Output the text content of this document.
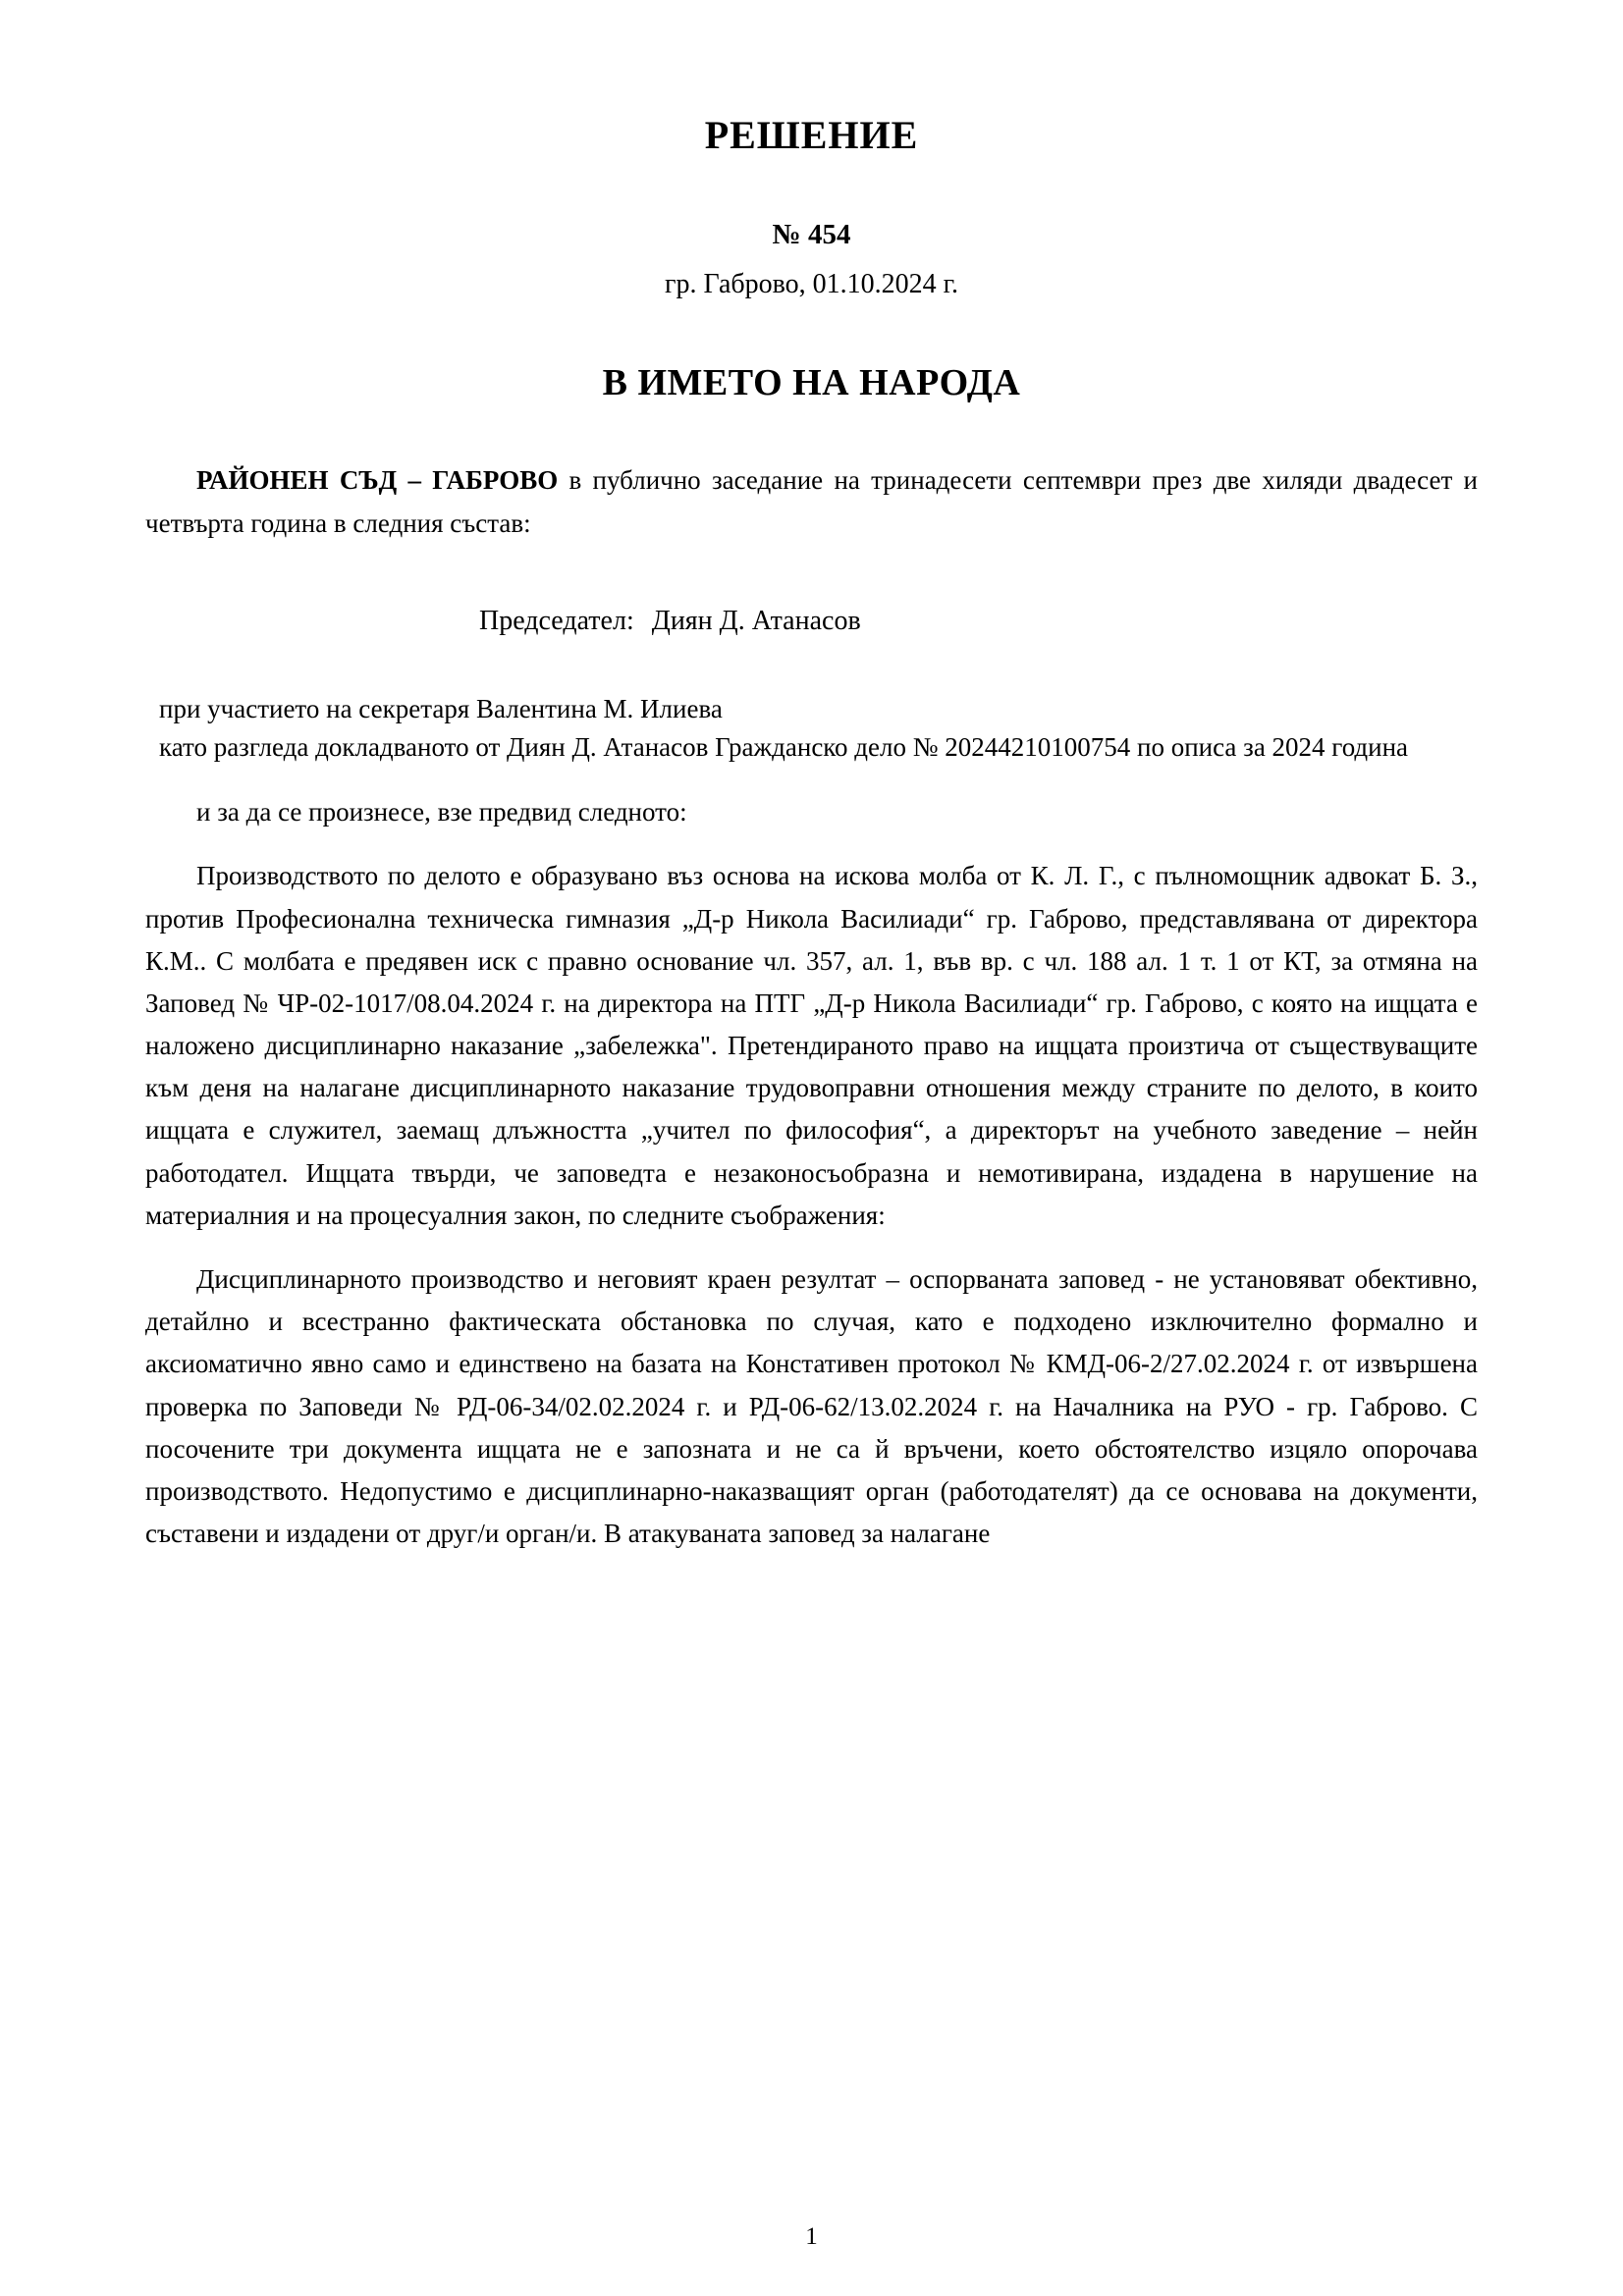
РЕШЕНИЕ
№ 454
гр. Габрово, 01.10.2024 г.
В ИМЕТО НА НАРОДА

РАЙОНЕН СЪД – ГАБРОВО в публично заседание на тринадесети септември през две хиляди двадесет и четвърта година в следния състав:

Председател: Диян Д. Атанасов
при участието на секретаря Валентина М. Илиева
като разгледа докладваното от Диян Д. Атанасов Гражданско дело № 20244210100754 по описа за 2024 година

и за да се произнесе, взе предвид следното:

Производството по делото е образувано въз основа на искова молба от К. Л. Г., с пълномощник адвокат Б. З., против Професионална техническа гимназия „Д-р Никола Василиади“ гр. Габрово, представлявана от директора К.М.. С молбата е предявен иск с правно основание чл. 357, ал. 1, във вр. с чл. 188 ал. 1 т. 1 от КТ, за отмяна на Заповед № ЧР-02-1017/08.04.2024 г. на директора на ПТГ „Д-р Никола Василиади“ гр. Габрово, с която на ищцата е наложено дисциплинарно наказание „забележка". Претендираното право на ищцата произтича от съществуващите към деня на налагане дисциплинарното наказание трудовоправни отношения между страните по делото, в които ищцата е служител, заемащ длъжността „учител по философия“, а директорът на учебното заведение – нейн работодател. Ищцата твърди, че заповедта е незаконосъобразна и немотивирана, издадена в нарушение на материалния и на процесуалния закон, по следните съображения:

Дисциплинарното производство и неговият краен резултат – оспорваната заповед - не установяват обективно, детайлно и всестранно фактическата обстановка по случая, като е подходено изключително формално и аксиоматично явно само и единствено на базата на Констативен протокол № КМД-06-2/27.02.2024 г. от извършена проверка по Заповеди № РД-06-34/02.02.2024 г. и РД-06-62/13.02.2024 г. на Началника на РУО - гр. Габрово. С посочените три документа ищцата не е запозната и не са й връчени, което обстоятелство изцяло опорочава производството. Недопустимо е дисциплинарно-наказващият орган (работодателят) да се основава на документи, съставени и издадени от друг/и орган/и. В атакуваната заповед за налагане

1
